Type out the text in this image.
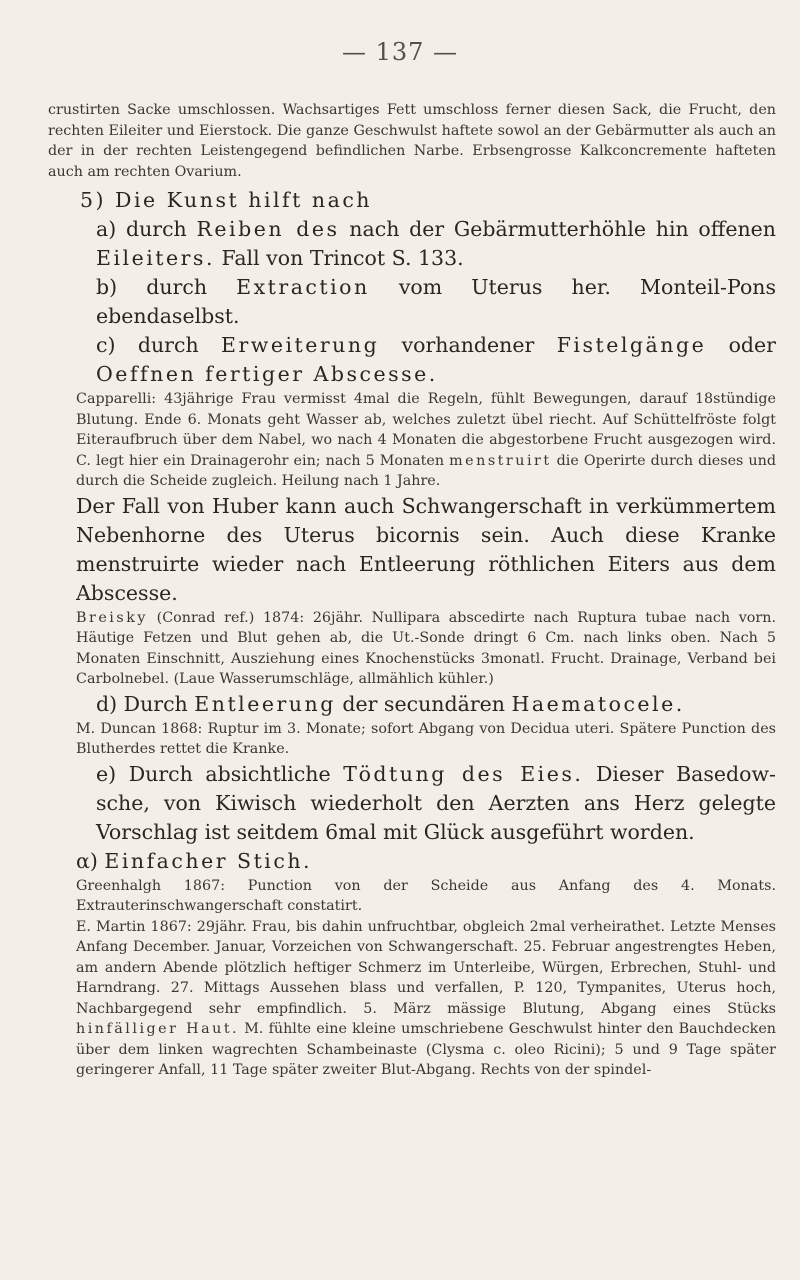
— 137 —

crustirten Sacke umschlossen. Wachsartiges Fett umschloss ferner diesen Sack, die Frucht, den rechten Eileiter und Eierstock. Die ganze Geschwulst haftete sowol an der Gebärmutter als auch an der in der rechten Leistengegend befindlichen Narbe. Erbsengrosse Kalkconcremente hafteten auch am rechten Ovarium.

5) Die Kunst hilft nach

a) durch Reiben des nach der Gebärmutterhöhle hin offenen Eileiters. Fall von Trincot S. 133.

b) durch Extraction vom Uterus her. Monteil-Pons ebendaselbst.

c) durch Erweiterung vorhandener Fistelgänge oder Oeffnen fertiger Abscesse.

Capparelli: 43jährige Frau vermisst 4mal die Regeln, fühlt Bewegungen, darauf 18stündige Blutung. Ende 6. Monats geht Wasser ab, welches zuletzt übel riecht. Auf Schüttelfröste folgt Eiteraufbruch über dem Nabel, wo nach 4 Monaten die abgestorbene Frucht ausgezogen wird. C. legt hier ein Drainagerohr ein; nach 5 Monaten menstruirt die Operirte durch dieses und durch die Scheide zugleich. Heilung nach 1 Jahre.

Der Fall von Huber kann auch Schwangerschaft in verkümmertem Nebenhorne des Uterus bicornis sein. Auch diese Kranke menstruirte wieder nach Entleerung röthlichen Eiters aus dem Abscesse.

Breisky (Conrad ref.) 1874: 26jähr. Nullipara abscedirte nach Ruptura tubae nach vorn. Häutige Fetzen und Blut gehen ab, die Ut.-Sonde dringt 6 Cm. nach links oben. Nach 5 Monaten Einschnitt, Ausziehung eines Knochenstücks 3monatl. Frucht. Drainage, Verband bei Carbolnebel. (Laue Wasserumschläge, allmählich kühler.)

d) Durch Entleerung der secundären Haematocele.

M. Duncan 1868: Ruptur im 3. Monate; sofort Abgang von Decidua uteri. Spätere Punction des Blutherdes rettet die Kranke.

e) Durch absichtliche Tödtung des Eies. Dieser Basedow-sche, von Kiwisch wiederholt den Aerzten ans Herz gelegte Vorschlag ist seitdem 6mal mit Glück ausgeführt worden.

α) Einfacher Stich.

Greenhalgh 1867: Punction von der Scheide aus Anfang des 4. Monats. Extrauterinschwangerschaft constatirt.

E. Martin 1867: 29jähr. Frau, bis dahin unfruchtbar, obgleich 2mal verheirathet. Letzte Menses Anfang December. Januar, Vorzeichen von Schwangerschaft. 25. Februar angestrengtes Heben, am andern Abende plötzlich heftiger Schmerz im Unterleibe, Würgen, Erbrechen, Stuhl- und Harndrang. 27. Mittags Aussehen blass und verfallen, P. 120, Tympanites, Uterus hoch, Nachbargegend sehr empfindlich. 5. März mässige Blutung, Abgang eines Stücks hinfälliger Haut. M. fühlte eine kleine umschriebene Geschwulst hinter den Bauchdecken über dem linken wagrechten Schambeinaste (Clysma c. oleo Ricini); 5 und 9 Tage später geringerer Anfall, 11 Tage später zweiter Blut-Abgang. Rechts von der spindel-
